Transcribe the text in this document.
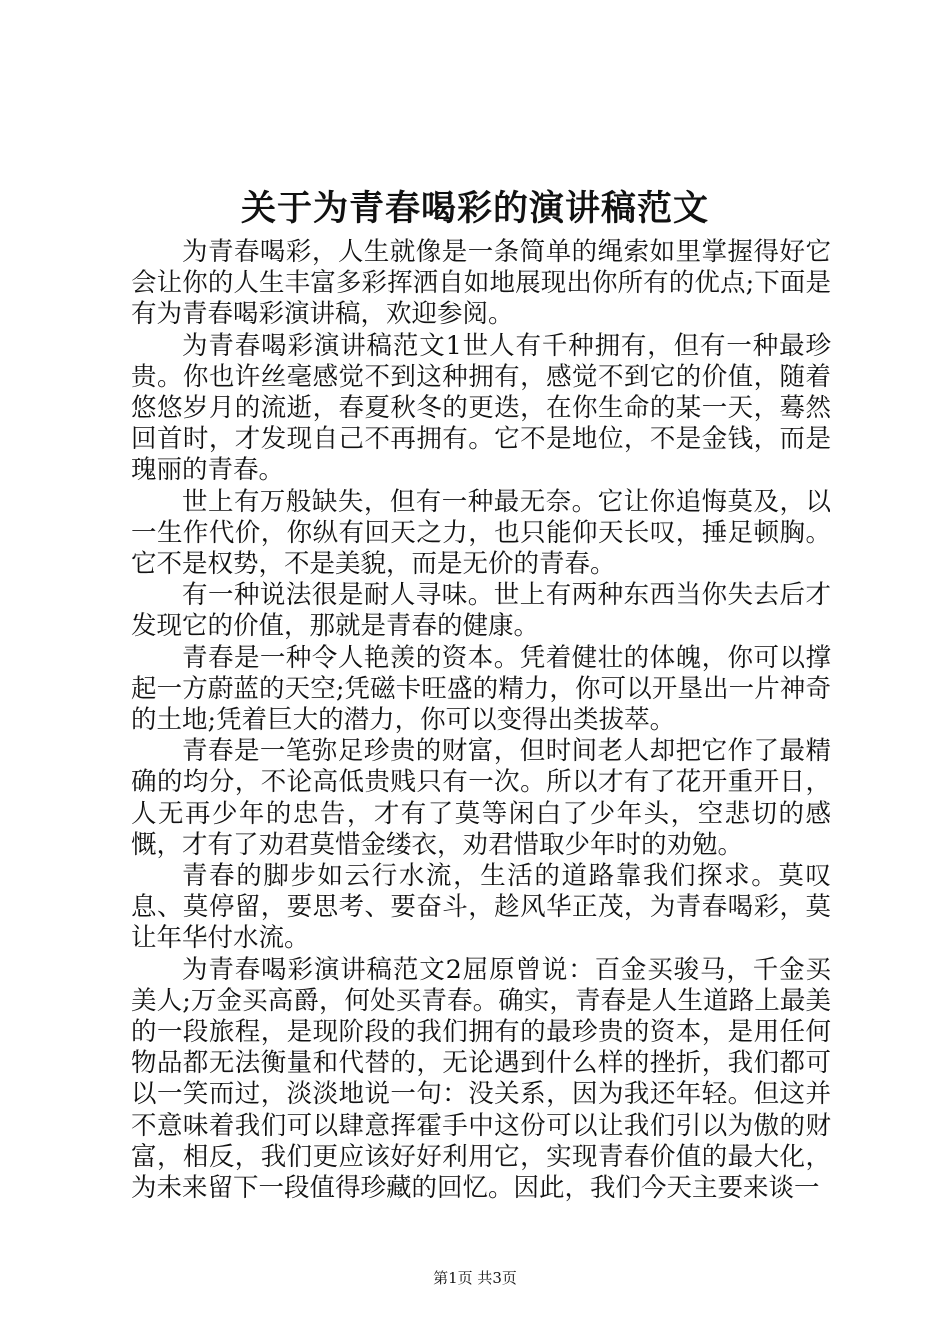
关于为青春喝彩的演讲稿范文

为青春喝彩，人生就像是一条简单的绳索如里掌握得好它会让你的人生丰富多彩挥洒自如地展现出你所有的优点;下面是有为青春喝彩演讲稿，欢迎参阅。

为青春喝彩演讲稿范文1世人有千种拥有，但有一种最珍贵。你也许丝毫感觉不到这种拥有，感觉不到它的价值，随着悠悠岁月的流逝，春夏秋冬的更迭，在你生命的某一天，蓦然回首时，才发现自己不再拥有。它不是地位，不是金钱，而是瑰丽的青春。

世上有万般缺失，但有一种最无奈。它让你追悔莫及，以一生作代价，你纵有回天之力，也只能仰天长叹，捶足顿胸。它不是权势，不是美貌，而是无价的青春。

有一种说法很是耐人寻味。世上有两种东西当你失去后才发现它的价值，那就是青春的健康。

青春是一种令人艳羡的资本。凭着健壮的体魄，你可以撑起一方蔚蓝的天空;凭磁卡旺盛的精力，你可以开垦出一片神奇的土地;凭着巨大的潜力，你可以变得出类拔萃。

青春是一笔弥足珍贵的财富，但时间老人却把它作了最精确的均分，不论高低贵贱只有一次。所以才有了花开重开日，人无再少年的忠告，才有了莫等闲白了少年头，空悲切的感慨，才有了劝君莫惜金缕衣，劝君惜取少年时的劝勉。

青春的脚步如云行水流，生活的道路靠我们探求。莫叹息、莫停留，要思考、要奋斗，趁风华正茂，为青春喝彩，莫让年华付水流。

为青春喝彩演讲稿范文2屈原曾说：百金买骏马，千金买美人;万金买高爵，何处买青春。确实，青春是人生道路上最美的一段旅程，是现阶段的我们拥有的最珍贵的资本，是用任何物品都无法衡量和代替的，无论遇到什么样的挫折，我们都可以一笑而过，淡淡地说一句：没关系，因为我还年轻。但这并不意味着我们可以肆意挥霍手中这份可以让我们引以为傲的财富，相反，我们更应该好好利用它，实现青春价值的最大化，为未来留下一段值得珍藏的回忆。因此，我们今天主要来谈一

第1页 共3页
